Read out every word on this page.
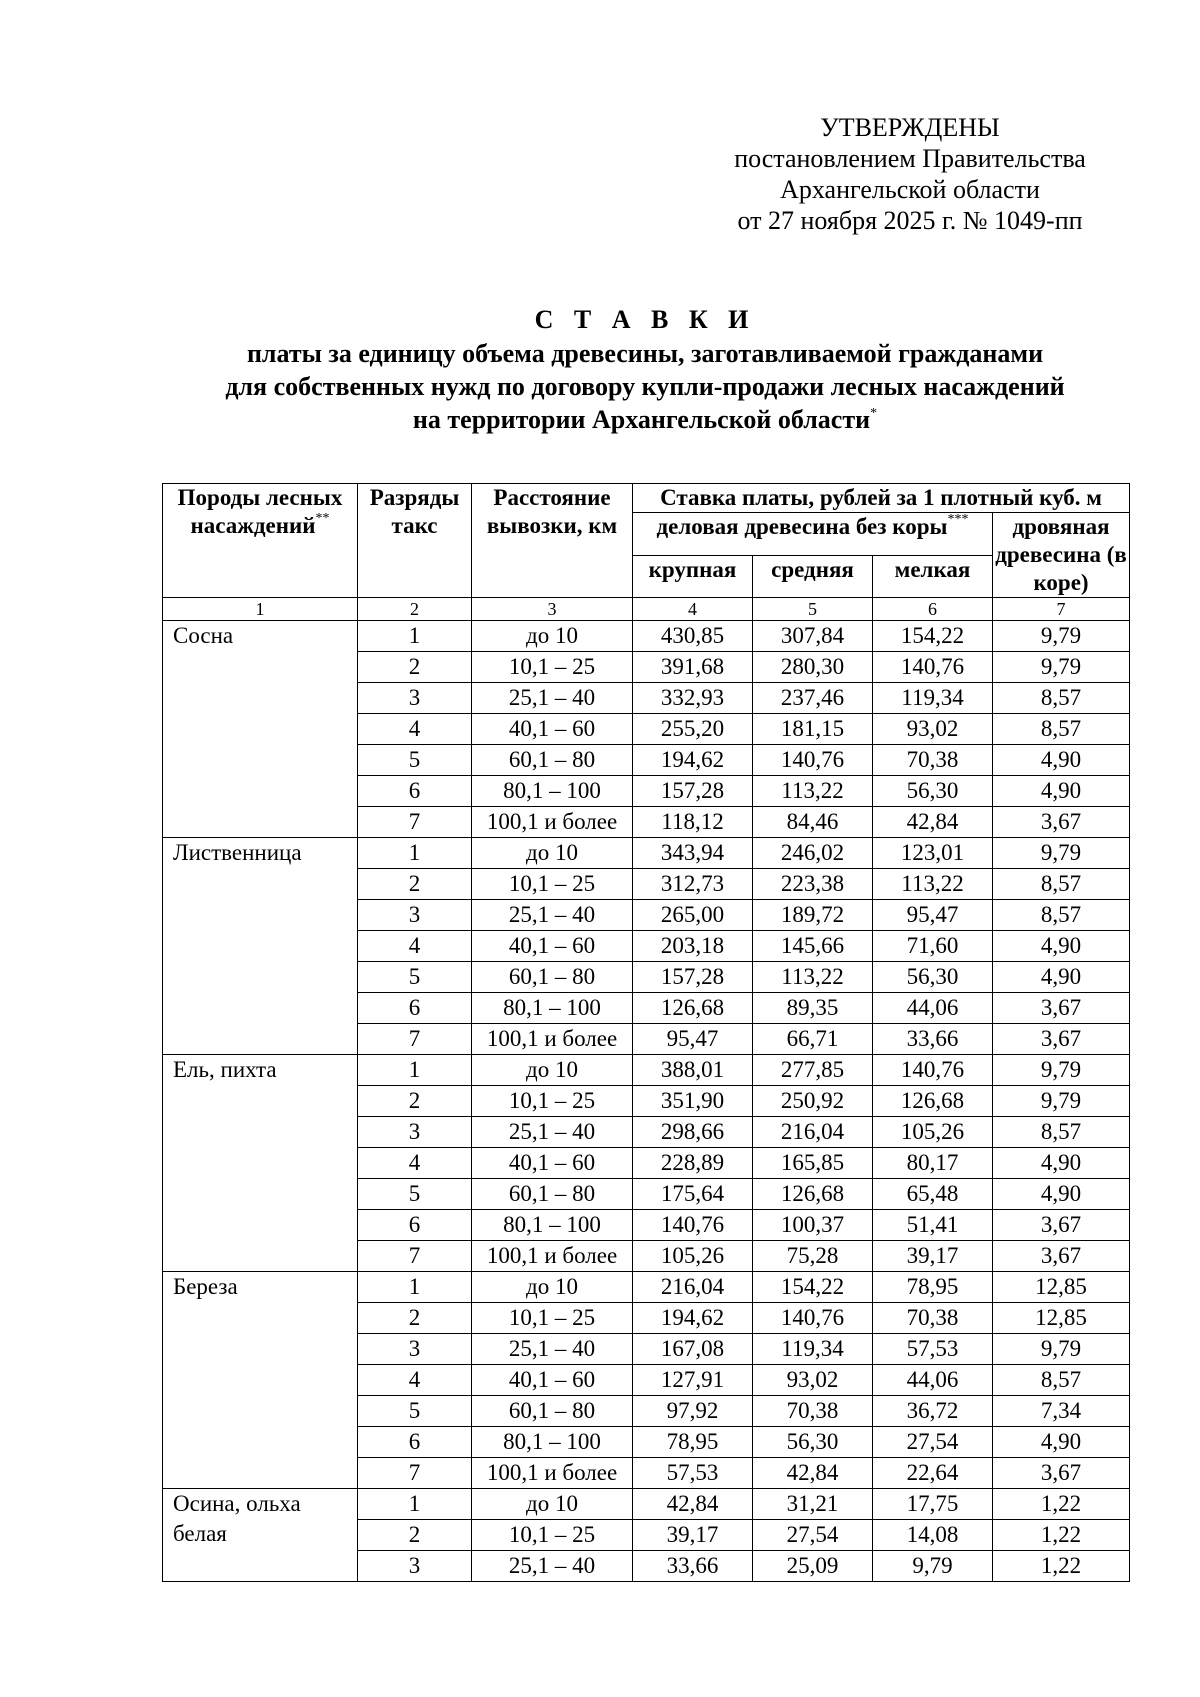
УТВЕРЖДЕНЫ
постановлением Правительства
Архангельской области
от 27 ноября 2025 г. № 1049-пп
С Т А В К И
платы за единицу объема древесины, заготавливаемой гражданами
для собственных нужд по договору купли-продажи лесных насаждений
на территории Архангельской области*
Породы лесных насаждений**	Разряды такс	Расстояние вывозки, км	Ставка платы, рублей за 1 плотный куб. м			
			деловая древесина без коры***			дровяная древесина (в коре)
			крупная	средняя	мелкая	
1	2	3	4	5	6	7
Сосна	1	до 10	430,85	307,84	154,22	9,79
	2	10,1 – 25	391,68	280,30	140,76	9,79
	3	25,1 – 40	332,93	237,46	119,34	8,57
	4	40,1 – 60	255,20	181,15	93,02	8,57
	5	60,1 – 80	194,62	140,76	70,38	4,90
	6	80,1 – 100	157,28	113,22	56,30	4,90
	7	100,1 и более	118,12	84,46	42,84	3,67
Лиственница	1	до 10	343,94	246,02	123,01	9,79
	2	10,1 – 25	312,73	223,38	113,22	8,57
	3	25,1 – 40	265,00	189,72	95,47	8,57
	4	40,1 – 60	203,18	145,66	71,60	4,90
	5	60,1 – 80	157,28	113,22	56,30	4,90
	6	80,1 – 100	126,68	89,35	44,06	3,67
	7	100,1 и более	95,47	66,71	33,66	3,67
Ель, пихта	1	до 10	388,01	277,85	140,76	9,79
	2	10,1 – 25	351,90	250,92	126,68	9,79
	3	25,1 – 40	298,66	216,04	105,26	8,57
	4	40,1 – 60	228,89	165,85	80,17	4,90
	5	60,1 – 80	175,64	126,68	65,48	4,90
	6	80,1 – 100	140,76	100,37	51,41	3,67
	7	100,1 и более	105,26	75,28	39,17	3,67
Береза	1	до 10	216,04	154,22	78,95	12,85
	2	10,1 – 25	194,62	140,76	70,38	12,85
	3	25,1 – 40	167,08	119,34	57,53	9,79
	4	40,1 – 60	127,91	93,02	44,06	8,57
	5	60,1 – 80	97,92	70,38	36,72	7,34
	6	80,1 – 100	78,95	56,30	27,54	4,90
	7	100,1 и более	57,53	42,84	22,64	3,67
Осина, ольха белая	1	до 10	42,84	31,21	17,75	1,22
	2	10,1 – 25	39,17	27,54	14,08	1,22
	3	25,1 – 40	33,66	25,09	9,79	1,22
